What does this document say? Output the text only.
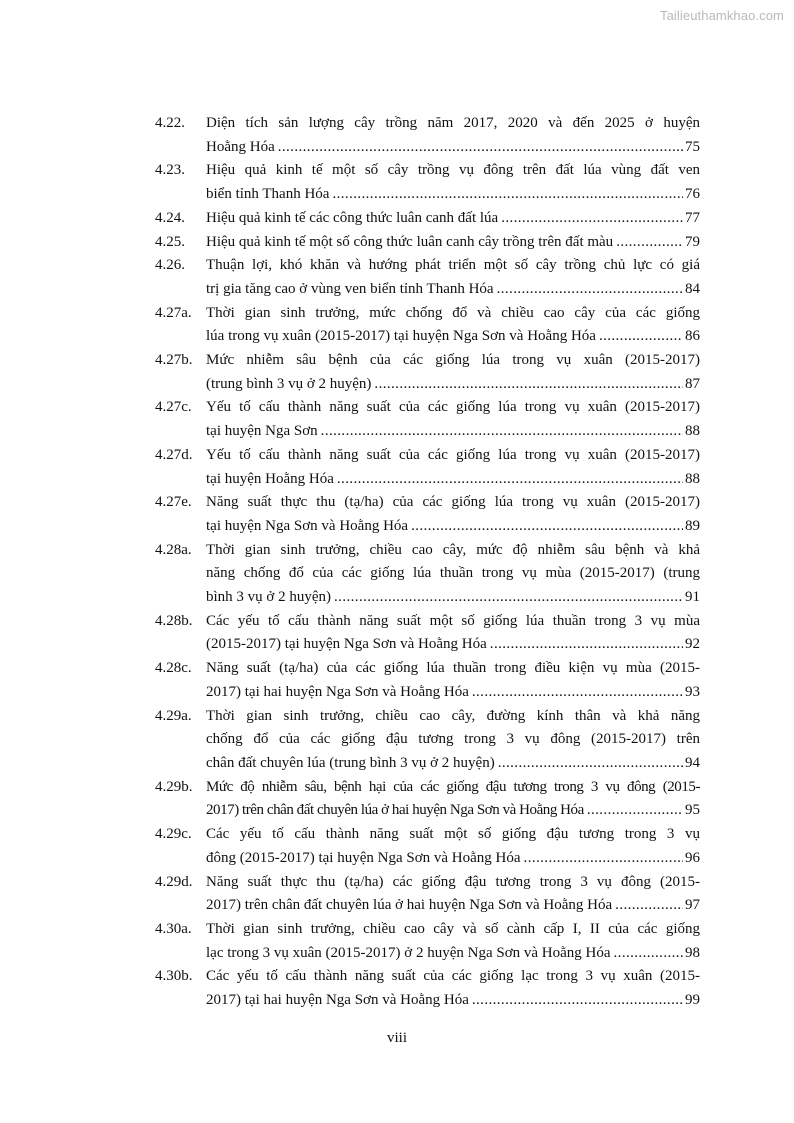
Tailieuthamkhao.com
4.22.	Diện tích sản lượng cây trồng năm 2017, 2020 và đến 2025 ở huyện
Hoằng Hóa .....	75
4.23.	Hiệu quả kinh tế một số cây trồng vụ đông trên đất lúa vùng đất ven
biển tỉnh Thanh Hóa .....	76
4.24.	Hiệu quả kinh tế các công thức luân canh đất lúa .....	77
4.25.	Hiệu quả kinh tế một số công thức luân canh cây trồng trên đất màu .....	79
4.26.	Thuận lợi, khó khăn và hướng phát triển một số cây trồng chủ lực có giá
trị gia tăng cao ở vùng ven biển tỉnh Thanh Hóa .....	84
4.27a. Thời gian sinh trưởng, mức chống đổ và chiều cao cây của các giống
lúa trong vụ xuân (2015-2017) tại huyện Nga Sơn và Hoằng Hóa .....	86
4.27b. Mức nhiễm sâu bệnh của các giống lúa trong vụ xuân (2015-2017)
(trung bình 3 vụ ở 2 huyện) .....	87
4.27c. Yếu tố cấu thành năng suất của các giống lúa trong vụ xuân (2015-2017)
tại huyện Nga Sơn .....	88
4.27d. Yếu tố cấu thành năng suất của các giống lúa trong vụ xuân (2015-2017)
tại huyện Hoằng Hóa .....	88
4.27e. Năng suất thực thu (tạ/ha) của các giống lúa trong vụ xuân (2015-2017)
tại huyện Nga Sơn và Hoằng Hóa .....	89
4.28a. Thời gian sinh trưởng, chiều cao cây, mức độ nhiễm sâu bệnh và khả
năng chống đổ của các giống lúa thuần trong vụ mùa (2015-2017) (trung
bình 3 vụ ở 2 huyện) .....	91
4.28b. Các yếu tố cấu thành năng suất một số giống lúa thuần trong 3 vụ mùa
(2015-2017) tại huyện Nga Sơn và Hoằng Hóa .....	92
4.28c. Năng suất (tạ/ha) của các giống lúa thuần trong điều kiện vụ mùa (2015-
2017) tại hai huyện Nga Sơn và Hoằng Hóa .....	93
4.29a. Thời gian sinh trưởng, chiều cao cây, đường kính thân và khả năng
chống đổ của các giống đậu tương trong 3 vụ đông (2015-2017) trên
chân đất chuyên lúa (trung bình 3 vụ ở 2 huyện) .....	94
4.29b. Mức độ nhiễm sâu, bệnh hại của các giống đậu tương trong 3 vụ đông (2015-
2017) trên chân đất chuyên lúa ở hai huyện Nga Sơn và Hoằng Hóa .....	95
4.29c. Các yếu tố cấu thành năng suất một số giống đậu tương trong 3 vụ
đông (2015-2017) tại huyện Nga Sơn và Hoằng Hóa .....	96
4.29d. Năng suất thực thu (tạ/ha) các giống đậu tương trong 3 vụ đông (2015-
2017) trên chân đất chuyên lúa ở hai huyện Nga Sơn và Hoằng Hóa .....	97
4.30a. Thời gian sinh trưởng, chiều cao cây và số cành cấp I, II của các giống
lạc trong 3 vụ xuân (2015-2017) ở 2 huyện Nga Sơn và Hoằng Hóa .....	98
4.30b. Các yếu tố cấu thành năng suất của các giống lạc trong 3 vụ xuân (2015-
2017) tại hai huyện Nga Sơn và Hoằng Hóa .....	99
viii
